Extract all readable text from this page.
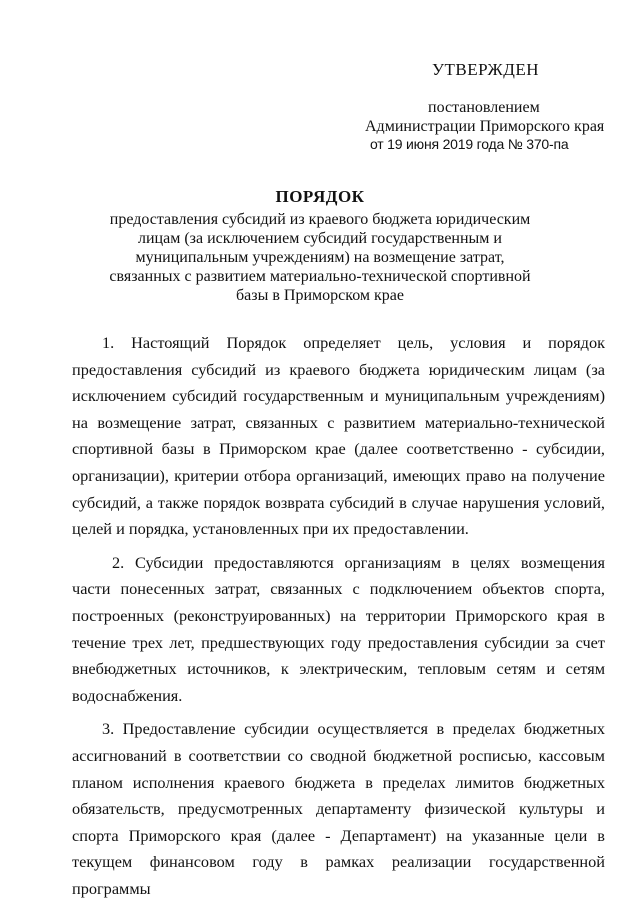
УТВЕРЖДЕН
постановлением
Администрации Приморского края
от 19 июня 2019 года № 370-па
ПОРЯДОК
предоставления субсидий из краевого бюджета юридическим лицам (за исключением субсидий государственным и муниципальным учреждениям) на возмещение затрат, связанных с развитием материально-технической спортивной базы в Приморском крае

1. Настоящий Порядок определяет цель, условия и порядок предоставления субсидий из краевого бюджета юридическим лицам (за исключением субсидий государственным и муниципальным учреждениям) на возмещение затрат, связанных с развитием материально-технической спортивной базы в Приморском крае (далее соответственно - субсидии, организации), критерии отбора организаций, имеющих право на получение субсидий, а также порядок возврата субсидий в случае нарушения условий, целей и порядка, установленных при их предоставлении.

2. Субсидии предоставляются организациям в целях возмещения части понесенных затрат, связанных с подключением объектов спорта, построенных (реконструированных) на территории Приморского края в течение трех лет, предшествующих году предоставления субсидии за счет внебюджетных источников, к электрическим, тепловым сетям и сетям водоснабжения.

3. Предоставление субсидии осуществляется в пределах бюджетных ассигнований в соответствии со сводной бюджетной росписью, кассовым планом исполнения краевого бюджета в пределах лимитов бюджетных обязательств, предусмотренных департаменту физической культуры и спорта Приморского края (далее - Департамент) на указанные цели в текущем финансовом году в рамках реализации государственной программы
